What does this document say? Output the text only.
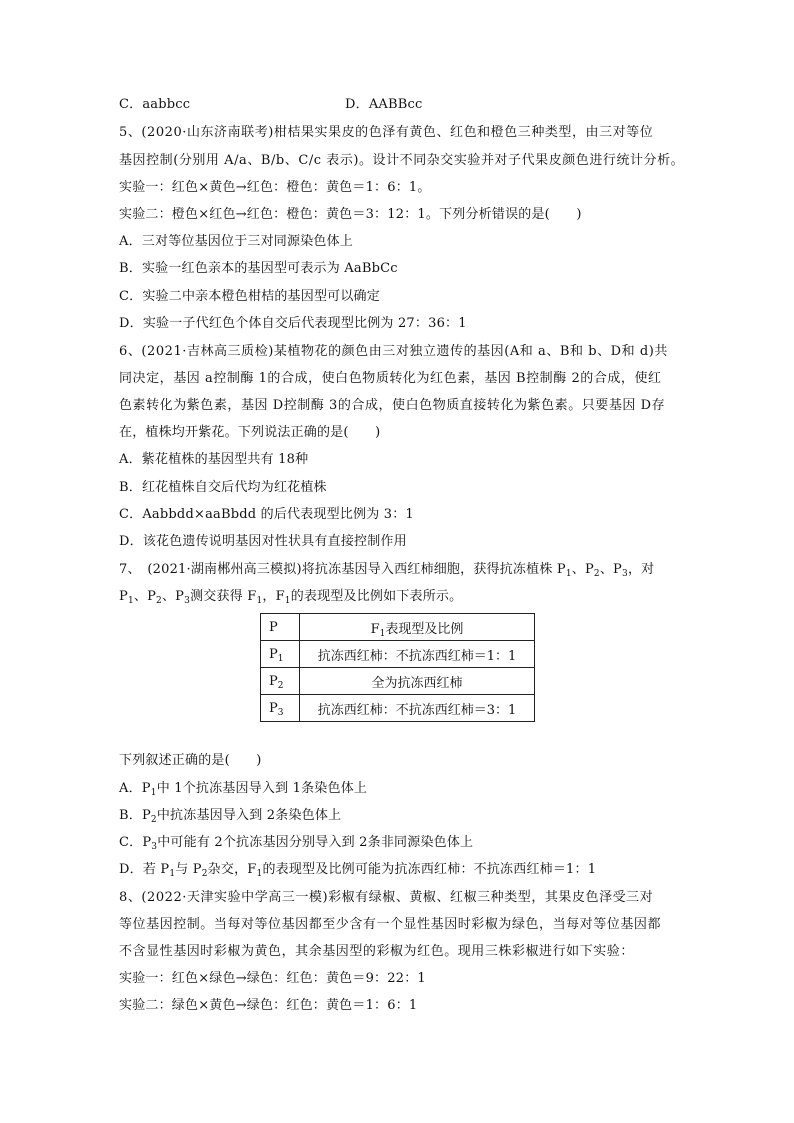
C．aabbcc	D．AABBcc
5、(2020·山东济南联考)柑桔果实果皮的色泽有黄色、红色和橙色三种类型，由三对等位
基因控制(分别用 A/a、B/b、C/c 表示)。设计不同杂交实验并对子代果皮颜色进行统计分析。
实验一：红色×黄色→红色：橙色：黄色＝1：6：1。
实验二：橙色×红色→红色：橙色：黄色＝3：12：1。下列分析错误的是(　　)
A．三对等位基因位于三对同源染色体上
B．实验一红色亲本的基因型可表示为 AaBbCc
C．实验二中亲本橙色柑桔的基因型可以确定
D．实验一子代红色个体自交后代表现型比例为 27：36：1
6、(2021·吉林高三质检)某植物花的颜色由三对独立遗传的基因(A和 a、B和 b、D和 d)共
同决定，基因 a控制酶 1的合成，使白色物质转化为红色素，基因 B控制酶 2的合成，使红
色素转化为紫色素，基因 D控制酶 3的合成，使白色物质直接转化为紫色素。只要基因 D存
在，植株均开紫花。下列说法正确的是(　　)
A．紫花植株的基因型共有 18种
B．红花植株自交后代均为红花植株
C．Aabbdd×aaBbdd 的后代表现型比例为 3：1
D．该花色遗传说明基因对性状具有直接控制作用
7、　(2021·湖南郴州高三模拟)将抗冻基因导入西红柿细胞，获得抗冻植株 $P_1$、$P_2$、$P_3$，对
$P_1$、$P_2$、$P_3$测交获得 $F_1$，$F_1$的表现型及比例如下表所示。
P	$F_1$表现型及比例
$P_1$	抗冻西红柿：不抗冻西红柿＝1：1
$P_2$	全为抗冻西红柿
$P_3$	抗冻西红柿：不抗冻西红柿＝3：1
下列叙述正确的是(　　)
A．$P_1$中 1个抗冻基因导入到 1条染色体上
B．$P_2$中抗冻基因导入到 2条染色体上
C．$P_3$中可能有 2个抗冻基因分别导入到 2条非同源染色体上
D．若 $P_1$与 $P_2$杂交，$F_1$的表现型及比例可能为抗冻西红柿：不抗冻西红柿＝1：1
8、(2022·天津实验中学高三一模)彩椒有绿椒、黄椒、红椒三种类型，其果皮色泽受三对
等位基因控制。当每对等位基因都至少含有一个显性基因时彩椒为绿色，当每对等位基因都
不含显性基因时彩椒为黄色，其余基因型的彩椒为红色。现用三株彩椒进行如下实验：
实验一：红色×绿色→绿色：红色：黄色＝9：22：1
实验二：绿色×黄色→绿色：红色：黄色＝1：6：1
